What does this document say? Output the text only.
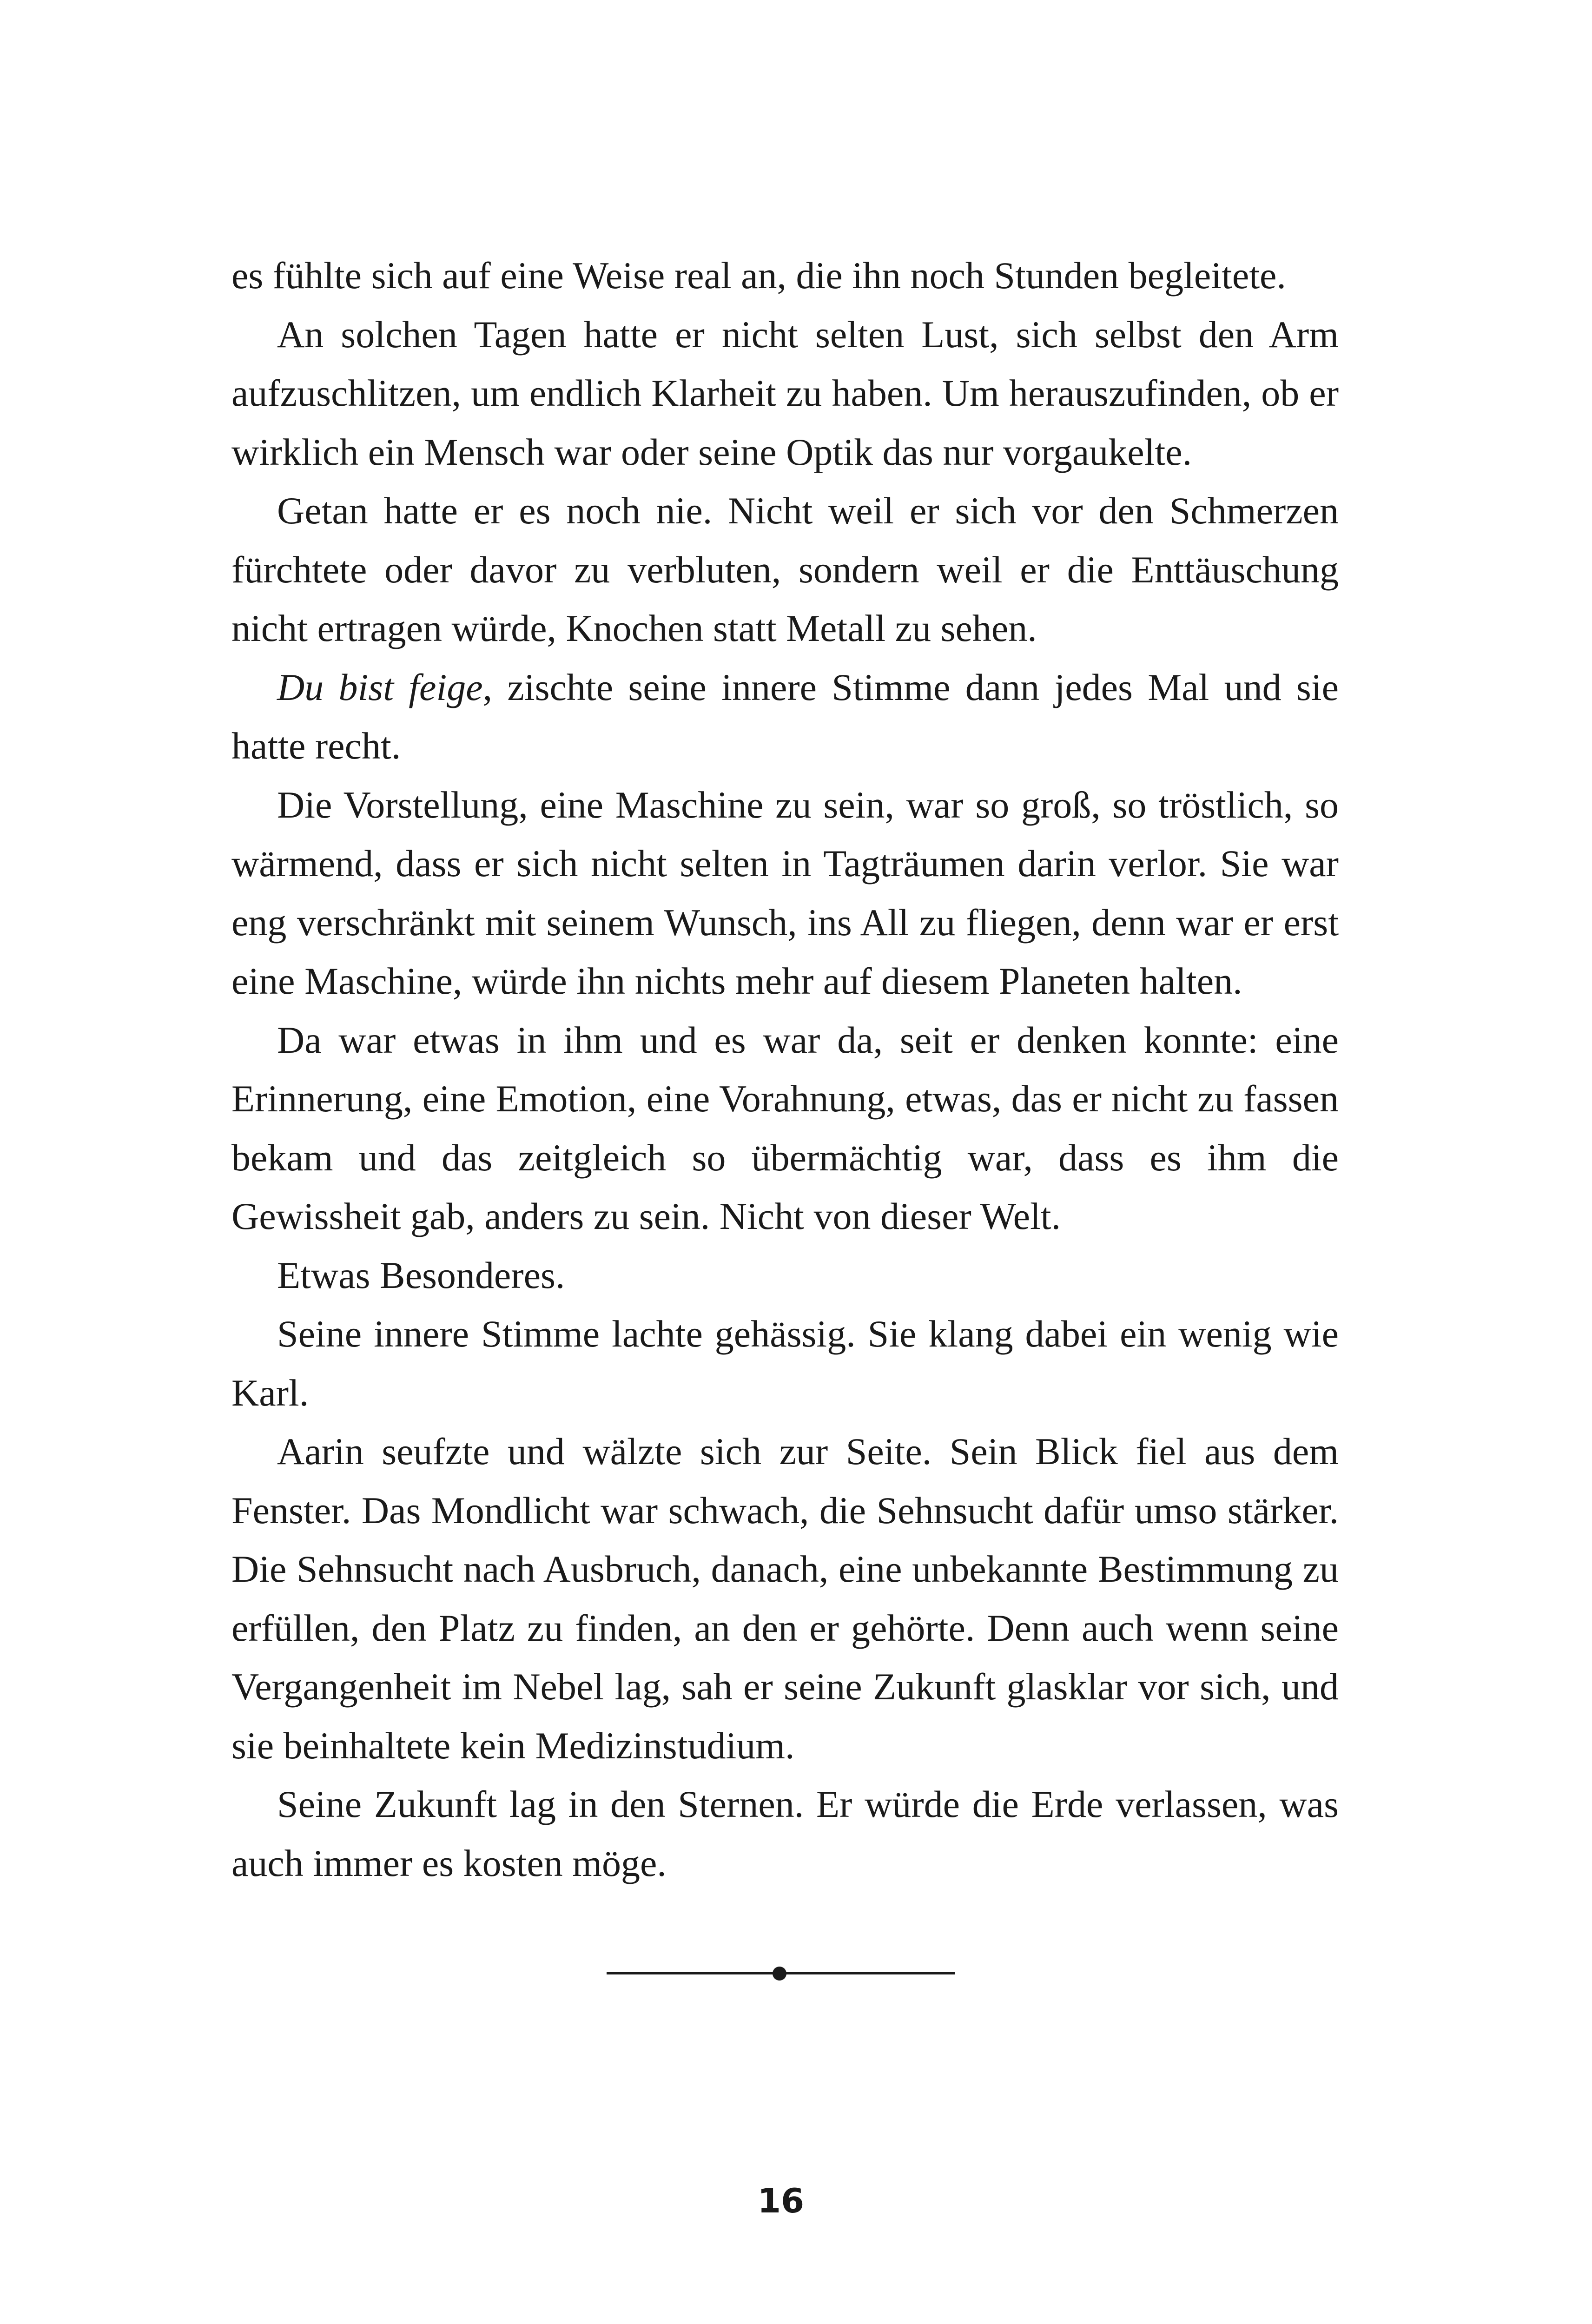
es fühlte sich auf eine Weise real an, die ihn noch Stunden begleitete.

An solchen Tagen hatte er nicht selten Lust, sich selbst den Arm aufzuschlitzen, um endlich Klarheit zu haben. Um herauszufinden, ob er wirklich ein Mensch war oder seine Optik das nur vorgaukelte.

Getan hatte er es noch nie. Nicht weil er sich vor den Schmerzen fürchtete oder davor zu verbluten, sondern weil er die Enttäuschung nicht ertragen würde, Knochen statt Metall zu sehen.

Du bist feige, zischte seine innere Stimme dann jedes Mal und sie hatte recht.

Die Vorstellung, eine Maschine zu sein, war so groß, so tröstlich, so wärmend, dass er sich nicht selten in Tagträumen darin verlor. Sie war eng verschränkt mit seinem Wunsch, ins All zu fliegen, denn war er erst eine Maschine, würde ihn nichts mehr auf diesem Planeten halten.

Da war etwas in ihm und es war da, seit er denken konnte: eine Erinnerung, eine Emotion, eine Vorahnung, etwas, das er nicht zu fassen bekam und das zeitgleich so übermächtig war, dass es ihm die Gewissheit gab, anders zu sein. Nicht von dieser Welt.

Etwas Besonderes.

Seine innere Stimme lachte gehässig. Sie klang dabei ein wenig wie Karl.

Aarin seufzte und wälzte sich zur Seite. Sein Blick fiel aus dem Fenster. Das Mondlicht war schwach, die Sehnsucht dafür umso stärker. Die Sehnsucht nach Ausbruch, danach, eine unbekannte Bestimmung zu erfüllen, den Platz zu finden, an den er gehörte. Denn auch wenn seine Vergangenheit im Nebel lag, sah er seine Zukunft glasklar vor sich, und sie beinhaltete kein Medizinstudium.

Seine Zukunft lag in den Sternen. Er würde die Erde verlassen, was auch immer es kosten möge.

16
